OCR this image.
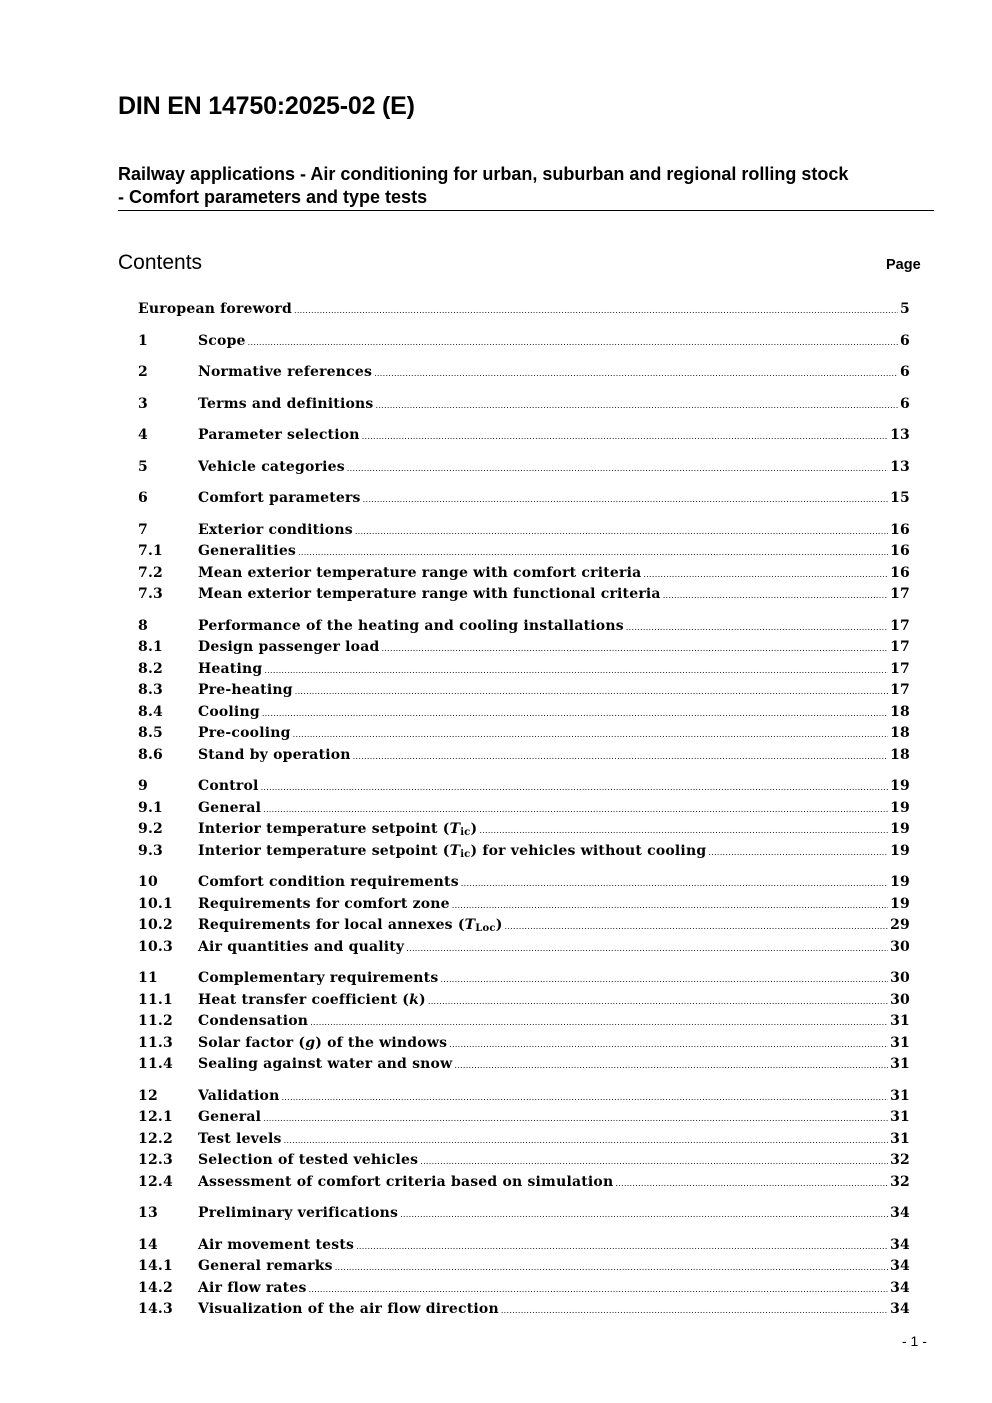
DIN EN 14750:2025-02 (E)
Railway applications - Air conditioning for urban, suburban and regional rolling stock
- Comfort parameters and type tests
Contents	Page
European foreword .....	5
1	Scope .....	6
2	Normative references .....	6
3	Terms and definitions .....	6
4	Parameter selection .....	13
5	Vehicle categories .....	13
6	Comfort parameters .....	15
7	Exterior conditions .....	16
7.1	Generalities .....	16
7.2	Mean exterior temperature range with comfort criteria .....	16
7.3	Mean exterior temperature range with functional criteria .....	17
8	Performance of the heating and cooling installations .....	17
8.1	Design passenger load .....	17
8.2	Heating .....	17
8.3	Pre-heating .....	17
8.4	Cooling .....	18
8.5	Pre-cooling .....	18
8.6	Stand by operation .....	18
9	Control .....	19
9.1	General .....	19
9.2	Interior temperature setpoint $(T_{ic})$ .....	19
9.3	Interior temperature setpoint $(T_{ic})$ for vehicles without cooling .....	19
10	Comfort condition requirements .....	19
10.1	Requirements for comfort zone .....	19
10.2	Requirements for local annexes $(T_{Loc})$ .....	29
10.3	Air quantities and quality .....	30
11	Complementary requirements .....	30
11.1	Heat transfer coefficient (k) .....	30
11.2	Condensation .....	31
11.3	Solar factor (g) of the windows .....	31
11.4	Sealing against water and snow .....	31
12	Validation .....	31
12.1	General .....	31
12.2	Test levels .....	31
12.3	Selection of tested vehicles .....	32
12.4	Assessment of comfort criteria based on simulation .....	32
13	Preliminary verifications .....	34
14	Air movement tests .....	34
14.1	General remarks .....	34
14.2	Air flow rates .....	34
14.3	Visualization of the air flow direction .....	34
- 1 -
